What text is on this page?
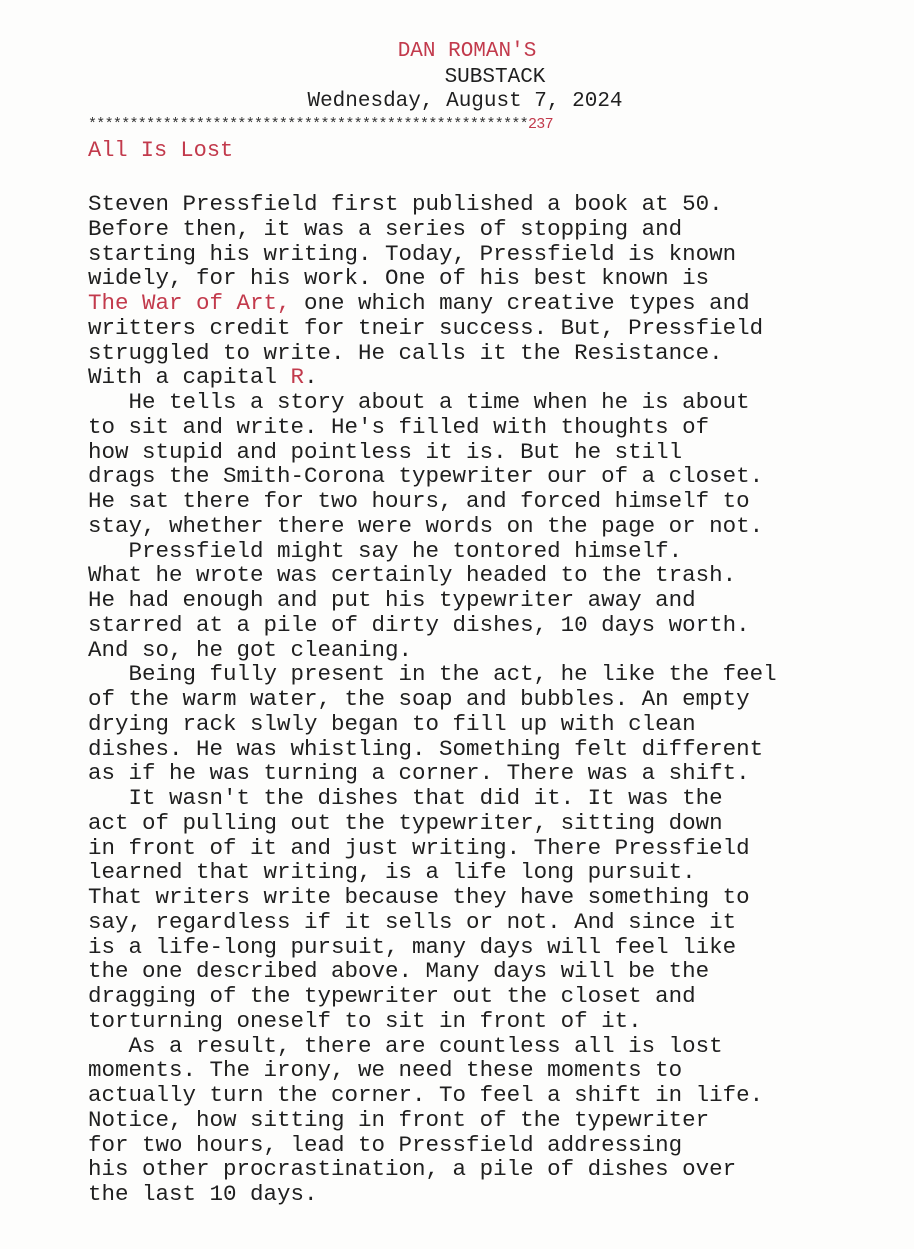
DAN ROMAN'S
SUBSTACK
Wednesday, August 7, 2024
*****************************************************237
All Is Lost
Steven Pressfield first published a book at 50.
Before then, it was a series of stopping and
starting his writing. Today, Pressfield is known
widely, for his work. One of his best known is
The War of Art, one which many creative types and
writters credit for tneir success. But, Pressfield
struggled to write. He calls it the Resistance.
With a capital R.
He tells a story about a time when he is about
to sit and write. He's filled with thoughts of
how stupid and pointless it is. But he still
drags the Smith-Corona typewriter our of a closet.
He sat there for two hours, and forced himself to
stay, whether there were words on the page or not.
Pressfield might say he tontored himself.
What he wrote was certainly headed to the trash.
He had enough and put his typewriter away and
starred at a pile of dirty dishes, 10 days worth.
And so, he got cleaning.
Being fully present in the act, he like the feel
of the warm water, the soap and bubbles. An empty
drying rack slwly began to fill up with clean
dishes. He was whistling. Something felt different
as if he was turning a corner. There was a shift.
It wasn't the dishes that did it. It was the
act of pulling out the typewriter, sitting down
in front of it and just writing. There Pressfield
learned that writing, is a life long pursuit.
That writers write because they have something to
say, regardless if it sells or not. And since it
is a life-long pursuit, many days will feel like
the one described above. Many days will be the
dragging of the typewriter out the closet and
torturning oneself to sit in front of it.
As a result, there are countless all is lost
moments. The irony, we need these moments to
actually turn the corner. To feel a shift in life.
Notice, how sitting in front of the typewriter
for two hours, lead to Pressfield addressing
his other procrastination, a pile of dishes over
the last 10 days.
